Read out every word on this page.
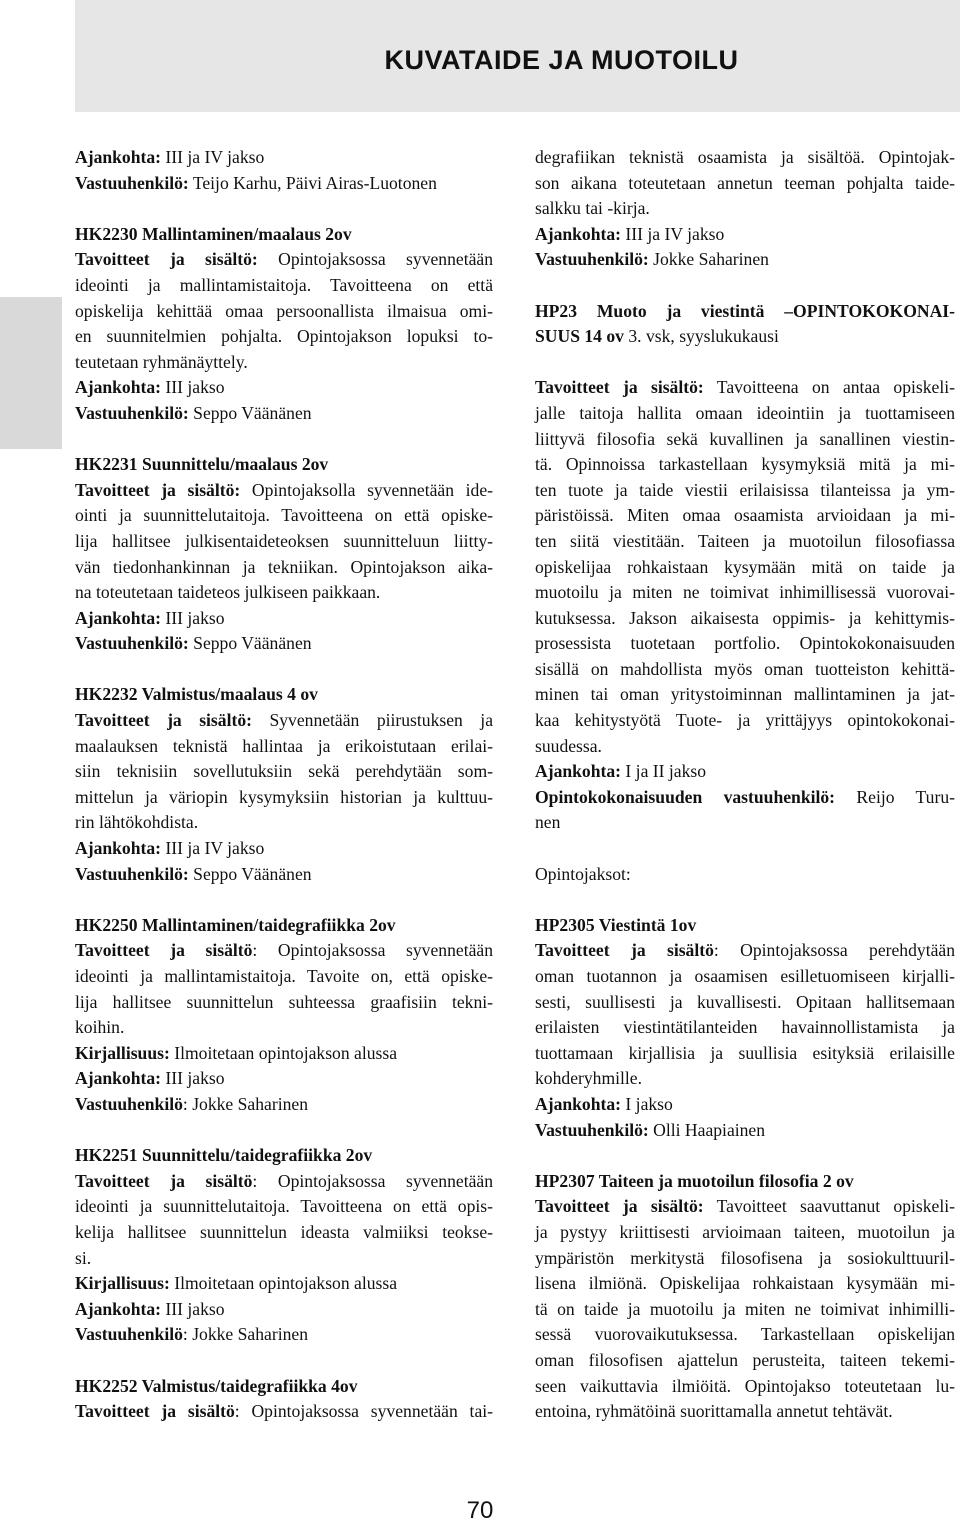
KUVATAIDE JA MUOTOILU
Ajankohta: III ja IV jakso
Vastuuhenkilö: Teijo Karhu, Päivi Airas-Luotonen
HK2230 Mallintaminen/maalaus 2ov
Tavoitteet ja sisältö: Opintojaksossa syvennetään
ideointi ja mallintamistaitoja. Tavoitteena on että
opiskelija kehittää omaa persoonallista ilmaisua omi-
en suunnitelmien pohjalta. Opintojakson lopuksi to-
teutetaan ryhmänäyttely.
Ajankohta: III jakso
Vastuuhenkilö: Seppo Väänänen
HK2231 Suunnittelu/maalaus 2ov
Tavoitteet ja sisältö: Opintojaksolla syvennetään ide-
ointi ja suunnittelutaitoja. Tavoitteena on että opiske-
lija hallitsee julkisentaideteoksen suunnitteluun liitty-
vän tiedonhankinnan ja tekniikan. Opintojakson aika-
na toteutetaan taideteos julkiseen paikkaan.
Ajankohta: III jakso
Vastuuhenkilö: Seppo Väänänen
HK2232 Valmistus/maalaus 4 ov
Tavoitteet ja sisältö: Syvennetään piirustuksen ja
maalauksen teknistä hallintaa ja erikoistutaan erilai-
siin teknisiin sovellutuksiin sekä perehdytään som-
mittelun ja väriopin kysymyksiin historian ja kulttuu-
rin lähtökohdista.
Ajankohta: III ja IV jakso
Vastuuhenkilö: Seppo Väänänen
HK2250 Mallintaminen/taidegrafiikka 2ov
Tavoitteet ja sisältö: Opintojaksossa syvennetään
ideointi ja mallintamistaitoja. Tavoite on, että opiske-
lija hallitsee suunnittelun suhteessa graafisiin tekni-
koihin.
Kirjallisuus: Ilmoitetaan opintojakson alussa
Ajankohta: III jakso
Vastuuhenkilö: Jokke Saharinen
HK2251 Suunnittelu/taidegrafiikka 2ov
Tavoitteet ja sisältö: Opintojaksossa syvennetään
ideointi ja suunnittelutaitoja. Tavoitteena on että opis-
kelija hallitsee suunnittelun ideasta valmiiksi teokse-
si.
Kirjallisuus: Ilmoitetaan opintojakson alussa
Ajankohta: III jakso
Vastuuhenkilö: Jokke Saharinen
HK2252 Valmistus/taidegrafiikka 4ov
Tavoitteet ja sisältö: Opintojaksossa syvennetään tai-
degrafiikan teknistä osaamista ja sisältöä. Opintojak-
son aikana toteutetaan annetun teeman pohjalta taide-
salkku tai -kirja.
Ajankohta: III ja IV jakso
Vastuuhenkilö: Jokke Saharinen
HP23 Muoto ja viestintä –OPINTOKOKONAI-
SUUS 14 ov 3. vsk, syyslukukausi
Tavoitteet ja sisältö: Tavoitteena on antaa opiskeli-
jalle taitoja hallita omaan ideointiin ja tuottamiseen
liittyvä filosofia sekä kuvallinen ja sanallinen viestin-
tä. Opinnoissa tarkastellaan kysymyksiä mitä ja mi-
ten tuote ja taide viestii erilaisissa tilanteissa ja ym-
päristöissä. Miten omaa osaamista arvioidaan ja mi-
ten siitä viestitään. Taiteen ja muotoilun filosofiassa
opiskelijaa rohkaistaan kysymään mitä on taide ja
muotoilu ja miten ne toimivat inhimillisessä vuorovai-
kutuksessa. Jakson aikaisesta oppimis- ja kehittymis-
prosessista tuotetaan portfolio. Opintokokonaisuuden
sisällä on mahdollista myös oman tuotteiston kehittä-
minen tai oman yritystoiminnan mallintaminen ja jat-
kaa kehitystyötä Tuote- ja yrittäjyys opintokokonai-
suudessa.
Ajankohta: I ja II jakso
Opintokokonaisuuden vastuuhenkilö: Reijo Turu-
nen
Opintojaksot:
HP2305 Viestintä 1ov
Tavoitteet ja sisältö: Opintojaksossa perehdytään
oman tuotannon ja osaamisen esilletuomiseen kirjalli-
sesti, suullisesti ja kuvallisesti. Opitaan hallitsemaan
erilaisten viestintätilanteiden havainnollistamista ja
tuottamaan kirjallisia ja suullisia esityksiä erilaisille
kohderyhmille.
Ajankohta: I jakso
Vastuuhenkilö: Olli Haapiainen
HP2307 Taiteen ja muotoilun filosofia 2 ov
Tavoitteet ja sisältö: Tavoitteet saavuttanut opiskeli-
ja pystyy kriittisesti arvioimaan taiteen, muotoilun ja
ympäristön merkitystä filosofisena ja sosiokulttuuril-
lisena ilmiönä. Opiskelijaa rohkaistaan kysymään mi-
tä on taide ja muotoilu ja miten ne toimivat inhimilli-
sessä vuorovaikutuksessa. Tarkastellaan opiskelijan
oman filosofisen ajattelun perusteita, taiteen tekemi-
seen vaikuttavia ilmiöitä. Opintojakso toteutetaan lu-
entoina, ryhmätöinä suorittamalla annetut tehtävät.
70
